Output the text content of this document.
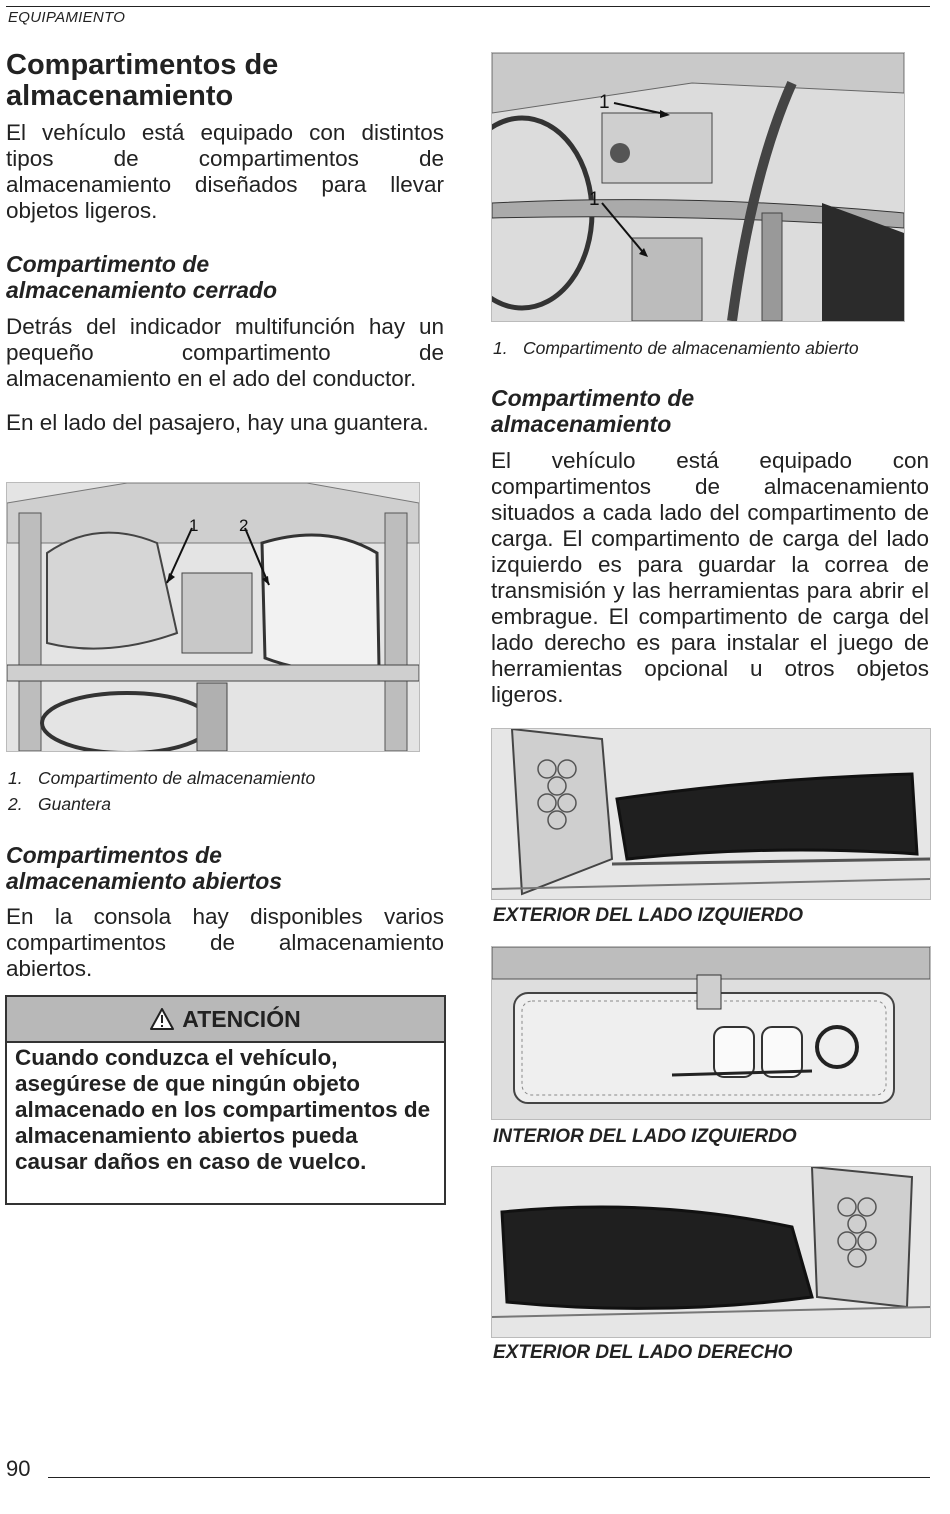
EQUIPAMIENTO
Compartimentos de
almacenamiento
El vehículo está equipado con distintos tipos de compartimentos de almacenamiento diseñados para llevar objetos ligeros.
Compartimento de
almacenamiento cerrado
Detrás del indicador multifunción hay un pequeño compartimento de almacenamiento en el ado del conductor.
En el lado del pasajero, hay una guantera.
1 2
1. Compartimento de almacenamiento
2. Guantera
Compartimentos de
almacenamiento abiertos
En la consola hay disponibles varios compartimentos de almacenamiento abiertos.
ATENCIÓN
Cuando conduzca el vehículo, asegúrese de que ningún objeto almacenado en los compartimentos de almacenamiento abiertos pueda causar daños en caso de vuelco.
1
1
1. Compartimento de almacenamiento abierto
Compartimento de
almacenamiento
El vehículo está equipado con compartimentos de almacenamiento situados a cada lado del compartimento de carga. El compartimento de carga del lado izquierdo es para guardar la correa de transmisión y las herramientas para abrir el embrague. El compartimento de carga del lado derecho es para instalar el juego de herramientas opcional u otros objetos ligeros.
EXTERIOR DEL LADO IZQUIERDO
INTERIOR DEL LADO IZQUIERDO
EXTERIOR DEL LADO DERECHO
90
